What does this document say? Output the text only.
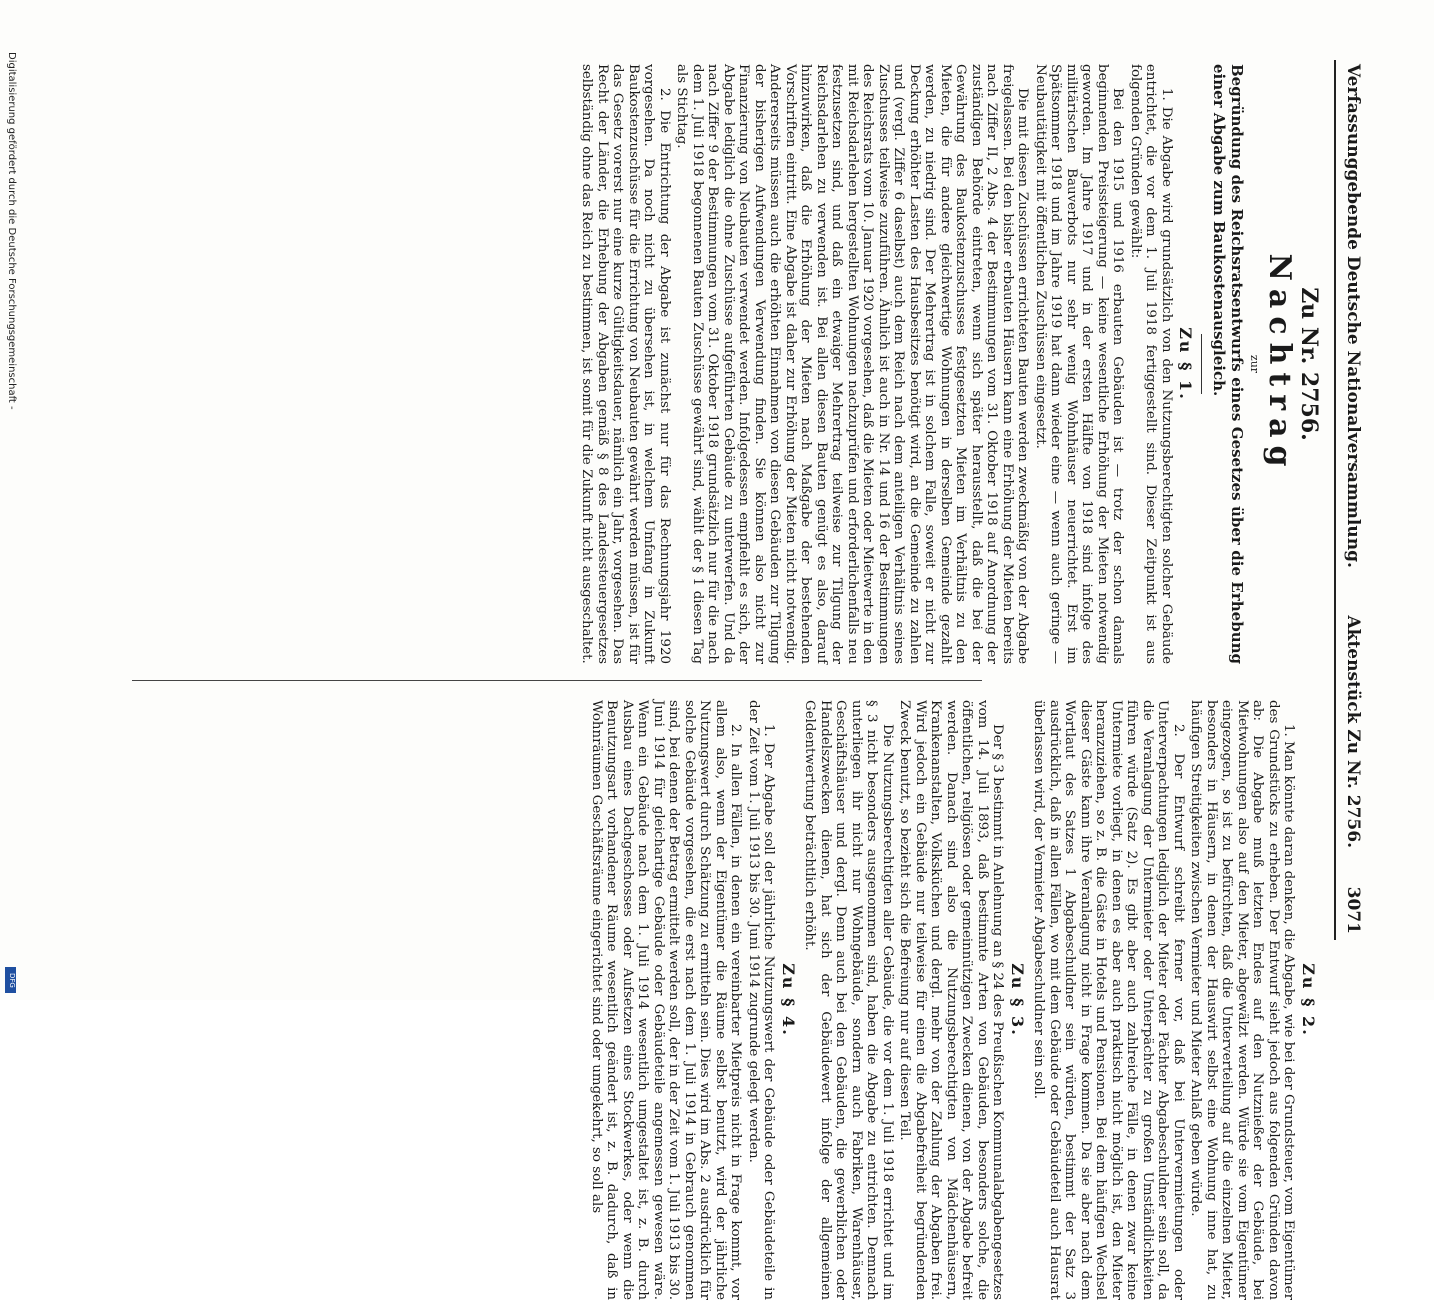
Verfassunggebende Deutsche Nationalversammlung.
Aktenstück Zu Nr. 2756.
3071
Zu Nr. 2756.
Nachtrag
zur
Begründung des Reichsratsentwurfs eines Gesetzes über die Erhebung einer Abgabe zum Baukostenausgleich.
Zu § 1.

1. Die Abgabe wird grundsätzlich von den Nutzungsberechtigten solcher Gebäude entrichtet, die vor dem 1. Juli 1918 fertiggestellt sind. Dieser Zeitpunkt ist aus folgenden Gründen gewählt:

Bei den 1915 und 1916 erbauten Gebäuden ist — trotz der schon damals beginnenden Preissteigerung — keine wesentliche Erhöhung der Mieten notwendig geworden. Im Jahre 1917 und in der ersten Hälfte von 1918 sind infolge des militärischen Bauverbots nur sehr wenig Wohnhäuser neuerrichtet. Erst im Spätsommer 1918 und im Jahre 1919 hat dann wieder eine — wenn auch geringe — Neubautätigkeit mit öffentlichen Zuschüssen eingesetzt.

Die mit diesen Zuschüssen errichteten Bauten werden zweckmäßig von der Abgabe freigelassen. Bei den bisher erbauten Häusern kann eine Erhöhung der Mieten bereits nach Ziffer II, 2 Abs. 4 der Bestimmungen vom 31. Oktober 1918 auf Anordnung der zuständigen Behörde eintreten, wenn sich später herausstellt, daß die bei der Gewährung des Baukostenzuschusses festgesetzten Mieten im Verhältnis zu den Mieten, die für andere gleichwertige Wohnungen in derselben Gemeinde gezahlt werden, zu niedrig sind. Der Mehrertrag ist in solchem Falle, soweit er nicht zur Deckung erhöhter Lasten des Hausbesitzes benötigt wird, an die Gemeinde zu zahlen und (vergl. Ziffer 6 daselbst) auch dem Reich nach dem anteiligen Verhältnis seines Zuschusses teilweise zuzuführen. Ähnlich ist auch in Nr. 14 und 16 der Bestimmungen des Reichsrats vom 10. Januar 1920 vorgesehen, daß die Mieten oder Mietwerte in den mit Reichsdarlehen hergestellten Wohnungen nachzuprüfen und erforderlichenfalls neu festzusetzen sind, und daß ein etwaiger Mehrertrag teilweise zur Tilgung der Reichsdarlehen zu verwenden ist. Bei allen diesen Bauten genügt es also, darauf hinzuwirken, daß die Erhöhung der Mieten nach Maßgabe der bestehenden Vorschriften eintritt. Eine Abgabe ist daher zur Erhöhung der Mieten nicht notwendig. Andererseits müssen auch die erhöhten Einnahmen von diesen Gebäuden zur Tilgung der bisherigen Aufwendungen Verwendung finden. Sie können also nicht zur Finanzierung von Neubauten verwendet werden. Infolgedessen empfiehlt es sich, der Abgabe lediglich die ohne Zuschüsse aufgeführten Gebäude zu unterwerfen. Und da nach Ziffer 9 der Bestimmungen vom 31. Oktober 1918 grundsätzlich nur für die nach dem 1. Juli 1918 begonnenen Bauten Zuschüsse gewährt sind, wählt der § 1 diesen Tag als Stichtag.

2. Die Entrichtung der Abgabe ist zunächst nur für das Rechnungsjahr 1920 vorgesehen. Da noch nicht zu übersehen ist, in welchem Umfang in Zukunft Baukostenzuschüsse für die Errichtung von Neubauten gewährt werden müssen, ist für das Gesetz vorerst nur eine kurze Gültigkeitsdauer, nämlich ein Jahr, vorgesehen. Das Recht der Länder, die Erhebung der Abgaben gemäß § 8 des Landessteuergesetzes selbständig ohne das Reich zu bestimmen, ist somit für die Zukunft nicht ausgeschaltet.

Zu § 2.

1. Man könnte daran denken, die Abgabe, wie bei der Grundsteuer, vom Eigentümer des Grundstücks zu erheben. Der Entwurf sieht jedoch aus folgenden Gründen davon ab: Die Abgabe muß letzten Endes auf den Nutznießer der Gebäude, bei Mietwohnungen also auf den Mieter, abgewälzt werden. Würde sie vom Eigentümer eingezogen, so ist zu befürchten, daß die Unterverteilung auf die einzelnen Mieter, besonders in Häusern, in denen der Hauswirt selbst eine Wohnung inne hat, zu häufigen Streitigkeiten zwischen Vermieter und Mieter Anlaß geben würde.

2. Der Entwurf schreibt ferner vor, daß bei Untervermietungen oder Unterverpachtungen lediglich der Mieter oder Pächter Abgabeschuldner sein soll, da die Veranlagung der Untermieter oder Unterpächter zu großen Umständlichkeiten führen würde (Satz 2). Es gibt aber auch zahlreiche Fälle, in denen zwar keine Untermiete vorliegt, in denen es aber auch praktisch nicht möglich ist, den Mieter heranzuziehen, so z. B. die Gäste in Hotels und Pensionen. Bei dem häufigen Wechsel dieser Gäste kann ihre Veranlagung nicht in Frage kommen. Da sie aber nach dem Wortlaut des Satzes 1 Abgabeschuldner sein würden, bestimmt der Satz 3 ausdrücklich, daß in allen Fällen, wo mit dem Gebäude oder Gebäudeteil auch Hausrat überlassen wird, der Vermieter Abgabeschuldner sein soll.

Zu § 3.

Der § 3 bestimmt in Anlehnung an § 24 des Preußischen Kommunalabgabengesetzes vom 14. Juli 1893, daß bestimmte Arten von Gebäuden, besonders solche, die öffentlichen, religiösen oder gemeinnützigen Zwecken dienen, von der Abgabe befreit werden. Danach sind also die Nutzungsberechtigten von Mädchenhäusern, Krankenanstalten, Volksküchen und dergl. mehr von der Zahlung der Abgaben frei. Wird jedoch ein Gebäude nur teilweise für einen die Abgabefreiheit begründenden Zweck benutzt, so bezieht sich die Befreiung nur auf diesen Teil.

Die Nutzungsberechtigten aller Gebäude, die vor dem 1. Juli 1918 errichtet und im § 3 nicht besonders ausgenommen sind, haben die Abgabe zu entrichten. Demnach unterliegen ihr nicht nur Wohngebäude, sondern auch Fabriken, Warenhäuser, Geschäftshäuser und dergl. Denn auch bei den Gebäuden, die gewerblichen oder Handelszwecken dienen, hat sich der Gebäudewert infolge der allgemeinen Geldentwertung beträchtlich erhöht.

Zu § 4.

1. Der Abgabe soll der jährliche Nutzungswert der Gebäude oder Gebäudeteile in der Zeit vom 1. Juli 1913 bis 30. Juni 1914 zugrunde gelegt werden.

2. In allen Fällen, in denen ein vereinbarter Mietpreis nicht in Frage kommt, vor allem also, wenn der Eigentümer die Räume selbst benutzt, wird der jährliche Nutzungswert durch Schätzung zu ermitteln sein. Dies wird im Abs. 2 ausdrücklich für solche Gebäude vorgesehen, die erst nach dem 1. Juli 1914 in Gebrauch genommen sind, bei denen der Betrag ermittelt werden soll, der in der Zeit vom 1. Juli 1913 bis 30. Juni 1914 für gleichartige Gebäude oder Gebäudeteile angemessen gewesen wäre. Wenn ein Gebäude nach dem 1. Juli 1914 wesentlich umgestaltet ist, z. B. durch Ausbau eines Dachgeschosses oder Aufsetzen eines Stockwerkes, oder wenn die Benutzungsart vorhandener Räume wesentlich geändert ist, z. B. dadurch, daß in Wohnräumen Geschäftsräume eingerichtet sind oder umgekehrt, so soll als

Digitalisierung gefördert durch die Deutsche Forschungsgemeinschaft -
DFG
